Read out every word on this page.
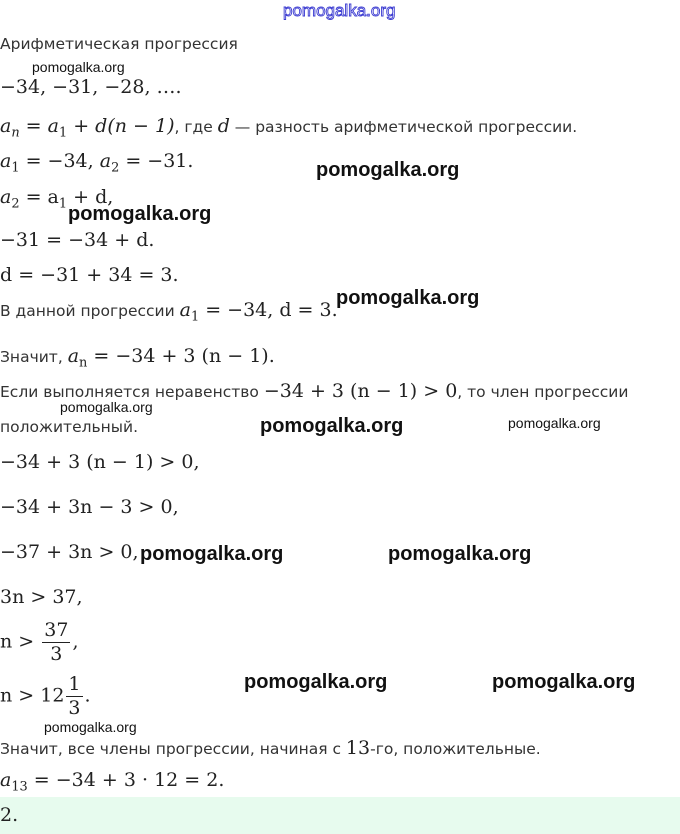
pomogalka.org
Арифметическая прогрессия
−34, −31, −28, ….
$a_n = a_1 + d(n - 1)$, где d — разность арифметической прогрессии.
$a_1 = -34$, $a_2 = -31$.
$a_2 = a_1 + d$,
−31 = −34 + d.
d = −31 + 34 = 3.
В данной прогрессии $a_1 = -34$, d = 3.
Значит, $a_n = -34 + 3$ (n − 1).
Если выполняется неравенство −34 + 3 (n − 1) > 0, то член прогрессии
положительный.
−34 + 3 (n − 1) > 0,
−34 + 3n − 3 > 0,
−37 + 3n > 0,
3n > 37,
$n > \frac{37}{3}$ ,
$n > 12 \frac{1}{3}$ .
Значит, все члены прогрессии, начиная с 13-го, положительные.
$a_{13} = -34 + 3 \cdot 12 = 2$.
2.
pomogalka.org
pomogalka.org
pomogalka.org
pomogalka.org
pomogalka.org
pomogalka.org	pomogalka.org
pomogalka.org	pomogalka.org
pomogalka.org	pomogalka.org
pomogalka.org
